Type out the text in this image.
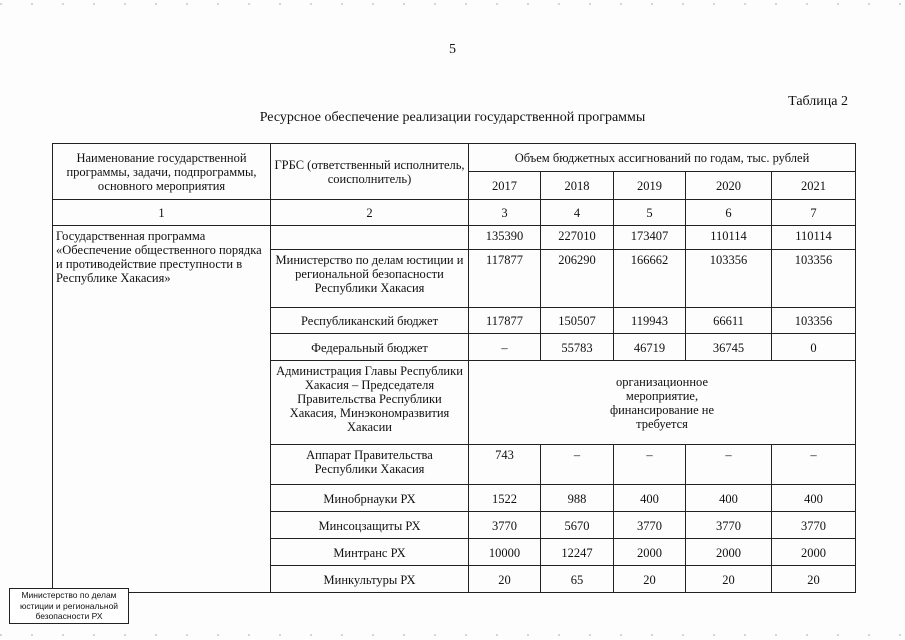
5
Таблица 2
Ресурсное обеспечение реализации государственной программы
Наименование государственной программы, задачи, подпрограммы, основного мероприятия	ГРБС (ответственный исполнитель, соисполнитель)	Объем бюджетных ассигнований по годам, тыс. рублей				
		2017	2018	2019	2020	2021
1	2	3	4	5	6	7
Государственная программа «Обеспечение общественного порядка и противодействие преступности в Республике Хакасия»		135390	227010	173407	110114	110114
	Министерство по делам юстиции и региональной безопасности Республики Хакасия	117877	206290	166662	103356	103356
	Республиканский бюджет	117877	150507	119943	66611	103356
	Федеральный бюджет	–	55783	46719	36745	0
	Администрация Главы Республики Хакасия – Председателя Правительства Республики Хакасия, Минэкономразвития Хакасии	организационное мероприятие, финансирование не требуется				
	Аппарат Правительства Республики Хакасия	743	–	–	–	–
	Минобрнауки РХ	1522	988	400	400	400
	Минсоцзащиты РХ	3770	5670	3770	3770	3770
	Минтранс РХ	10000	12247	2000	2000	2000
	Минкультуры РХ	20	65	20	20	20
Министерство по делам юстиции и региональной безопасности РХ
